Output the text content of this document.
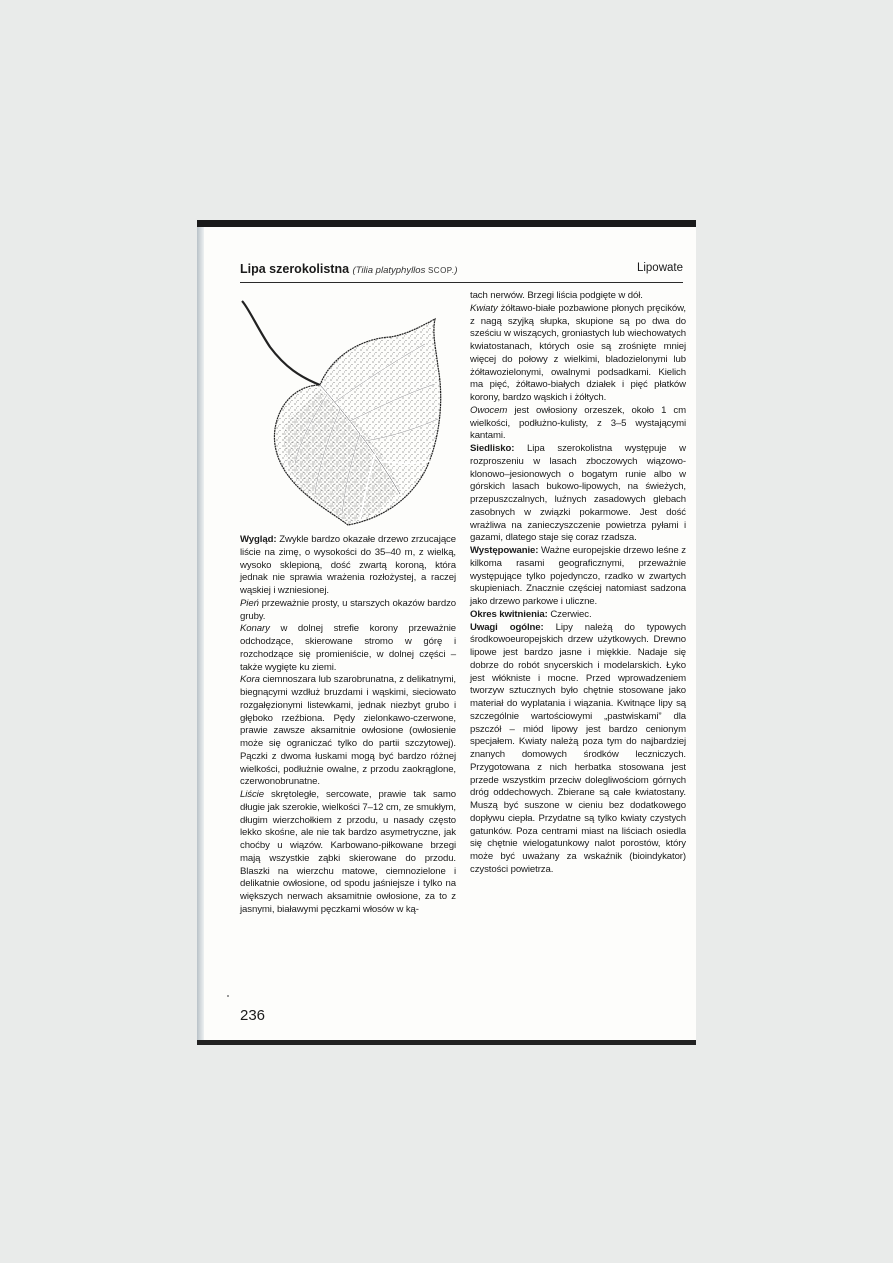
Lipa szerokolistna (Tilia platyphyllos SCOP.)	Lipowate

Wygląd: Zwykle bardzo okazałe drzewo zrzucające liście na zimę, o wysokości do 35–40 m, z wielką, wysoko sklepioną, dość zwartą koroną, która jednak nie sprawia wrażenia rozłożystej, a raczej wąskiej i wzniesionej.

Pień przeważnie prosty, u starszych okazów bardzo gruby.

Konary w dolnej strefie korony przeważnie odchodzące, skierowane stromo w górę i rozchodzące się promieniście, w dolnej części – także wygięte ku ziemi.

Kora ciemnoszara lub szarobrunatna, z delikatnymi, biegnącymi wzdłuż bruzdami i wąskimi, sieciowato rozgałęzionymi listewkami, jednak niezbyt grubo i głęboko rzeźbiona. Pędy zielonkawo-czerwone, prawie zawsze aksamitnie owłosione (owłosienie może się ograniczać tylko do partii szczytowej). Pączki z dwoma łuskami mogą być bardzo różnej wielkości, podłużnie owalne, z przodu zaokrąglone, czerwonobrunatne.

Liście skrętoległe, sercowate, prawie tak samo długie jak szerokie, wielkości 7–12 cm, ze smukłym, długim wierzchołkiem z przodu, u nasady często lekko skośne, ale nie tak bardzo asymetryczne, jak choćby u wiązów. Karbowano-piłkowane brzegi mają wszystkie ząbki skierowane do przodu. Blaszki na wierzchu matowe, ciemnozielone i delikatnie owłosione, od spodu jaśniejsze i tylko na większych nerwach aksamitnie owłosione, za to z jasnymi, białawymi pęczkami włosów w ką-

tach nerwów. Brzegi liścia podgięte w dół.

Kwiaty żółtawo-białe pozbawione płonych pręcików, z nagą szyjką słupka, skupione są po dwa do sześciu w wiszących, groniastych lub wiechowatych kwiatostanach, których osie są zrośnięte mniej więcej do połowy z wielkimi, bladozielonymi lub żółtawozielonymi, owalnymi podsadkami. Kielich ma pięć, żółtawo-białych działek i pięć płatków korony, bardzo wąskich i żółtych.

Owocem jest owłosiony orzeszek, około 1 cm wielkości, podłużno-kulisty, z 3–5 wystającymi kantami.

Siedlisko: Lipa szerokolistna występuje w rozproszeniu w lasach zboczowych wiązowo-klonowo–jesionowych o bogatym runie albo w górskich lasach bukowo-lipowych, na świeżych, przepuszczalnych, luźnych zasadowych glebach zasobnych w związki pokarmowe. Jest dość wrażliwa na zanieczyszczenie powietrza pyłami i gazami, dlatego staje się coraz rzadsza.

Występowanie: Ważne europejskie drzewo leśne z kilkoma rasami geograficznymi, przeważnie występujące tylko pojedynczo, rzadko w zwartych skupieniach. Znacznie częściej natomiast sadzona jako drzewo parkowe i uliczne.

Okres kwitnienia: Czerwiec.

Uwagi ogólne: Lipy należą do typowych środkowoeuropejskich drzew użytkowych. Drewno lipowe jest bardzo jasne i miękkie. Nadaje się dobrze do robót snycerskich i modelarskich. Łyko jest włókniste i mocne. Przed wprowadzeniem tworzyw sztucznych było chętnie stosowane jako materiał do wyplatania i wiązania. Kwitnące lipy są szczególnie wartościowymi „pastwiskami” dla pszczół – miód lipowy jest bardzo cenionym specjałem. Kwiaty należą poza tym do najbardziej znanych domowych środków leczniczych. Przygotowana z nich herbatka stosowana jest przede wszystkim przeciw dolegliwościom górnych dróg oddechowych. Zbierane są całe kwiatostany. Muszą być suszone w cieniu bez dodatkowego dopływu ciepła. Przydatne są tylko kwiaty czystych gatunków. Poza centrami miast na liściach osiedla się chętnie wielogatunkowy nalot porostów, który może być uważany za wskaźnik (bioindykator) czystości powietrza.

236
